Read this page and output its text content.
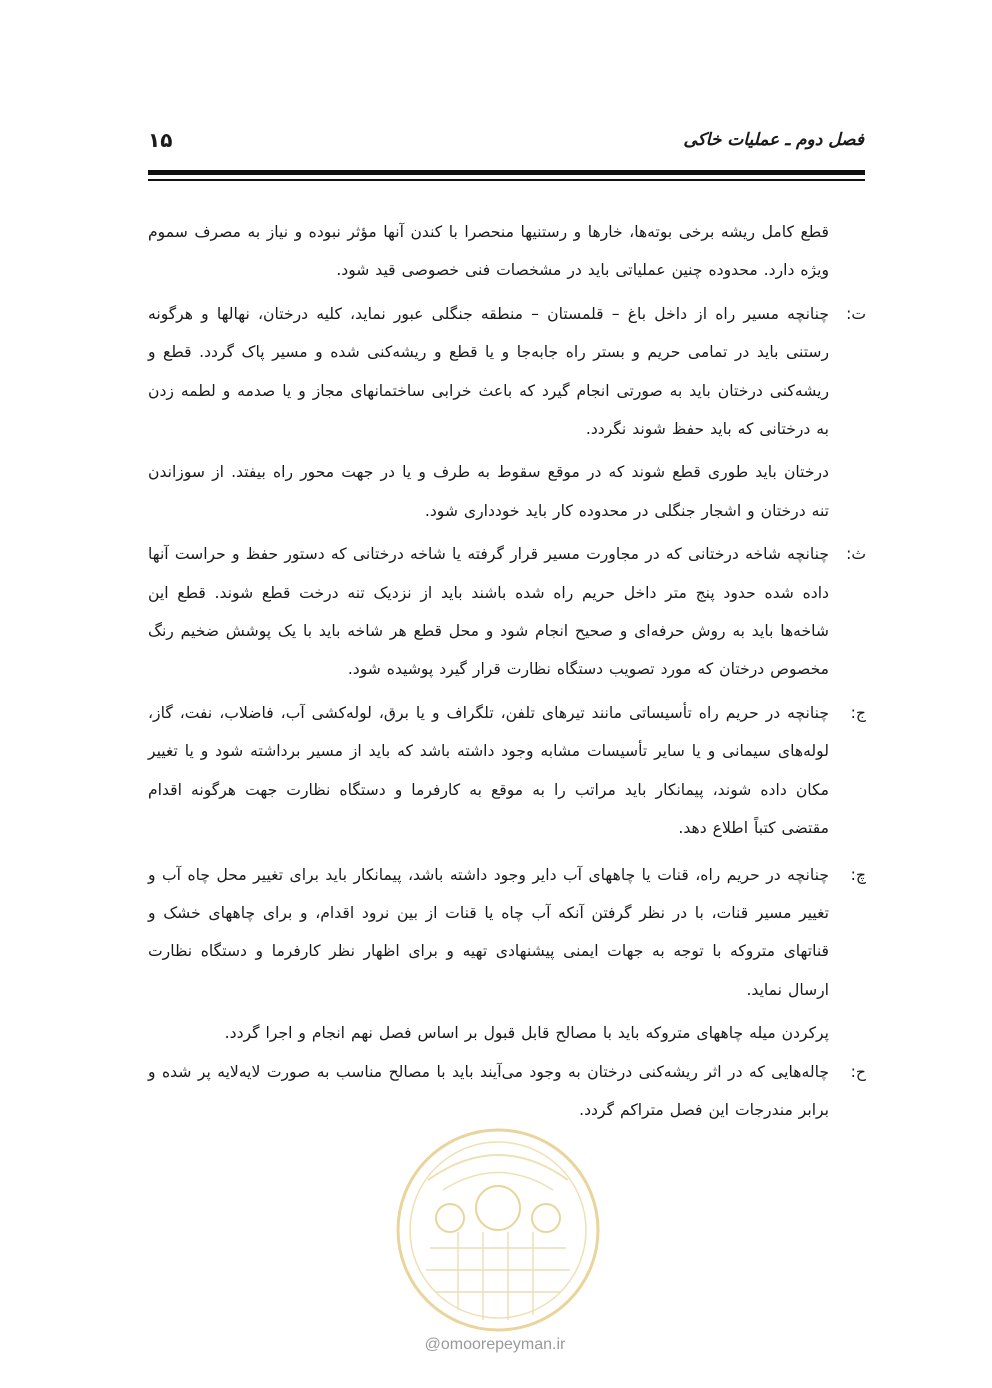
فصل دوم ـ عملیات خاکی
۱۵

قطع کامل ریشه برخی بوته‌ها، خارها و رستنیها منحصرا با کندن آنها مؤثر نبوده و نیاز به مصرف سموم ویژه دارد. محدوده چنین عملیاتی باید در مشخصات فنی خصوصی قید شود.

ت:

چنانچه مسیر راه از داخل باغ – قلمستان – منطقه جنگلی عبور نماید، کلیه درختان، نهالها و هرگونه رستنی باید در تمامی حریم و بستر راه جابه‌جا و یا قطع و ریشه‌کنی شده و مسیر پاک گردد. قطع و ریشه‌کنی درختان باید به صورتی انجام گیرد که باعث خرابی ساختمانهای مجاز و یا صدمه و لطمه زدن به درختانی که باید حفظ شوند نگردد.

درختان باید طوری قطع شوند که در موقع سقوط به طرف و یا در جهت محور راه بیفتد. از سوزاندن تنه درختان و اشجار جنگلی در محدوده کار باید خودداری شود.

ث:

چنانچه شاخه درختانی که در مجاورت مسیر قرار گرفته یا شاخه درختانی که دستور حفظ و حراست آنها داده شده حدود پنج متر داخل حریم راه شده باشند باید از نزدیک تنه درخت قطع شوند. قطع این شاخه‌ها باید به روش حرفه‌ای و صحیح انجام شود و محل قطع هر شاخه باید با یک پوشش ضخیم رنگ مخصوص درختان که مورد تصویب دستگاه نظارت قرار گیرد پوشیده شود.

ج:

چنانچه در حریم راه تأسیساتی مانند تیرهای تلفن، تلگراف و یا برق، لوله‌کشی آب، فاضلاب، نفت، گاز، لوله‌های سیمانی و یا سایر تأسیسات مشابه وجود داشته باشد که باید از مسیر برداشته شود و یا تغییر مکان داده شوند، پیمانکار باید مراتب را به موقع به کارفرما و دستگاه نظارت جهت هرگونه اقدام مقتضی کتباً اطلاع دهد.

چ:

چنانچه در حریم راه، قنات یا چاههای آب دایر وجود داشته باشد، پیمانکار باید برای تغییر محل چاه آب و تغییر مسیر قنات، با در نظر گرفتن آنکه آب چاه یا قنات از بین نرود اقدام، و برای چاههای خشک و قناتهای متروکه با توجه به جهات ایمنی پیشنهادی تهیه و برای اظهار نظر کارفرما و دستگاه نظارت ارسال نماید.

پرکردن میله چاههای متروکه باید با مصالح قابل قبول بر اساس فصل نهم انجام و اجرا گردد.

ح:

چاله‌هایی که در اثر ریشه‌کنی درختان به وجود می‌آیند باید با مصالح مناسب به صورت لایه‌لایه پر شده و برابر مندرجات این فصل متراکم گردد.

@omoorepeyman.ir
